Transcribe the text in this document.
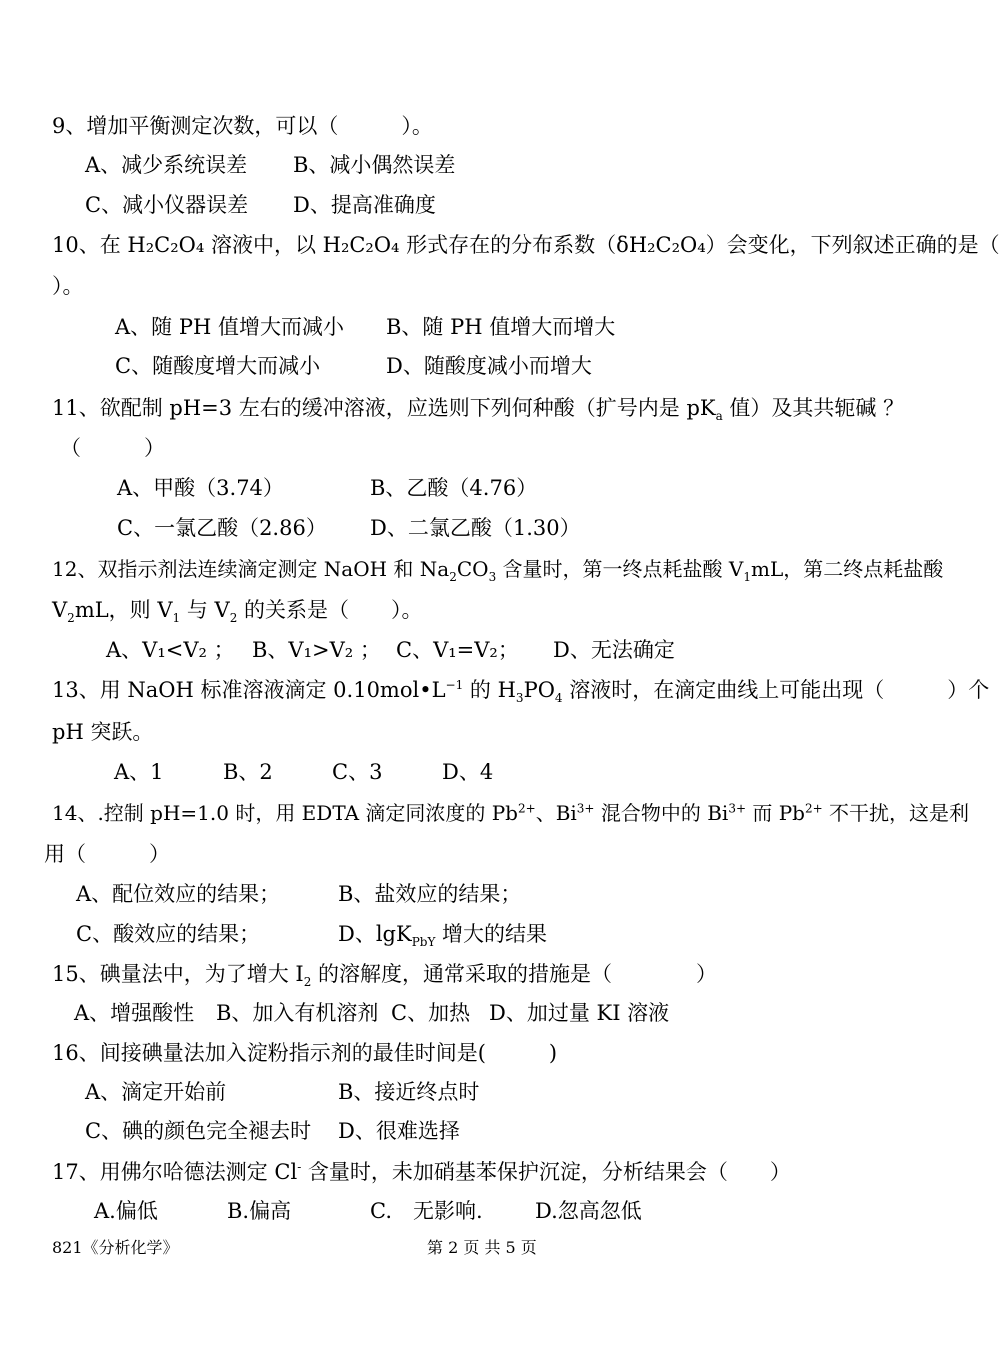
9、增加平衡测定次数，可以（　　　）。
A、减少系统误差 B、减小偶然误差
C、减小仪器误差 D、提高准确度
10、在 H₂C₂O₄ 溶液中，以 H₂C₂O₄ 形式存在的分布系数（δH₂C₂O₄）会变化，下列叙述正确的是（
）。
A、随 PH 值增大而减小 B、随 PH 值增大而增大
C、随酸度增大而减小	D、随酸度减小而增大
11、欲配制 pH=3 左右的缓冲溶液，应选则下列何种酸（扩号内是 $pK_a$ 值）及其共轭碱 ？
（　　　）
A、甲酸（3.74）	B、乙酸（4.76）
C、一氯乙酸（2.86） D、二氯乙酸（1.30）
12、双指示剂法连续滴定测定 NaOH 和 $Na_2CO_3$ 含量时，第一终点耗盐酸 $V_1mL$，第二终点耗盐酸
$V_2mL$，则 $V_1$ 与 $V_2$ 的关系是（　　）。
A、V₁<V₂ ； B、V₁>V₂ ； C、V₁=V₂； D、无法确定
13、用 NaOH 标准溶液滴定 $0.10mol•L^{-1}$ 的 $H_3PO_4$ 溶液时，在滴定曲线上可能出现（　　　）个
pH 突跃。
A、1	B、2	C、3	D、4
14、.控制 pH=1.0 时，用 EDTA 滴定同浓度的 $Pb^{2+}$、$Bi^{3+}$ 混合物中的 $Bi^{3+}$ 而 $Pb^{2+}$ 不干扰，这是利
用（　　　）
A、配位效应的结果；	B、盐效应的结果；
C、酸效应的结果；	D、lgK$_{PbY}$ 增大的结果
15、碘量法中，为了增大 $I_2$ 的溶解度，通常采取的措施是（　　　　）
A、增强酸性 B、加入有机溶剂 C、加热 D、加过量 KI 溶液
16、间接碘量法加入淀粉指示剂的最佳时间是(　　　)
A、滴定开始前	B、接近终点时
C、碘的颜色完全褪去时 D、很难选择
17、用佛尔哈德法测定 Cl- 含量时，未加硝基苯保护沉淀，分析结果会（　　）
A.偏低	B.偏高	C.　无影响. D.忽高忽低
821《分析化学》	第 2 页 共 5 页
